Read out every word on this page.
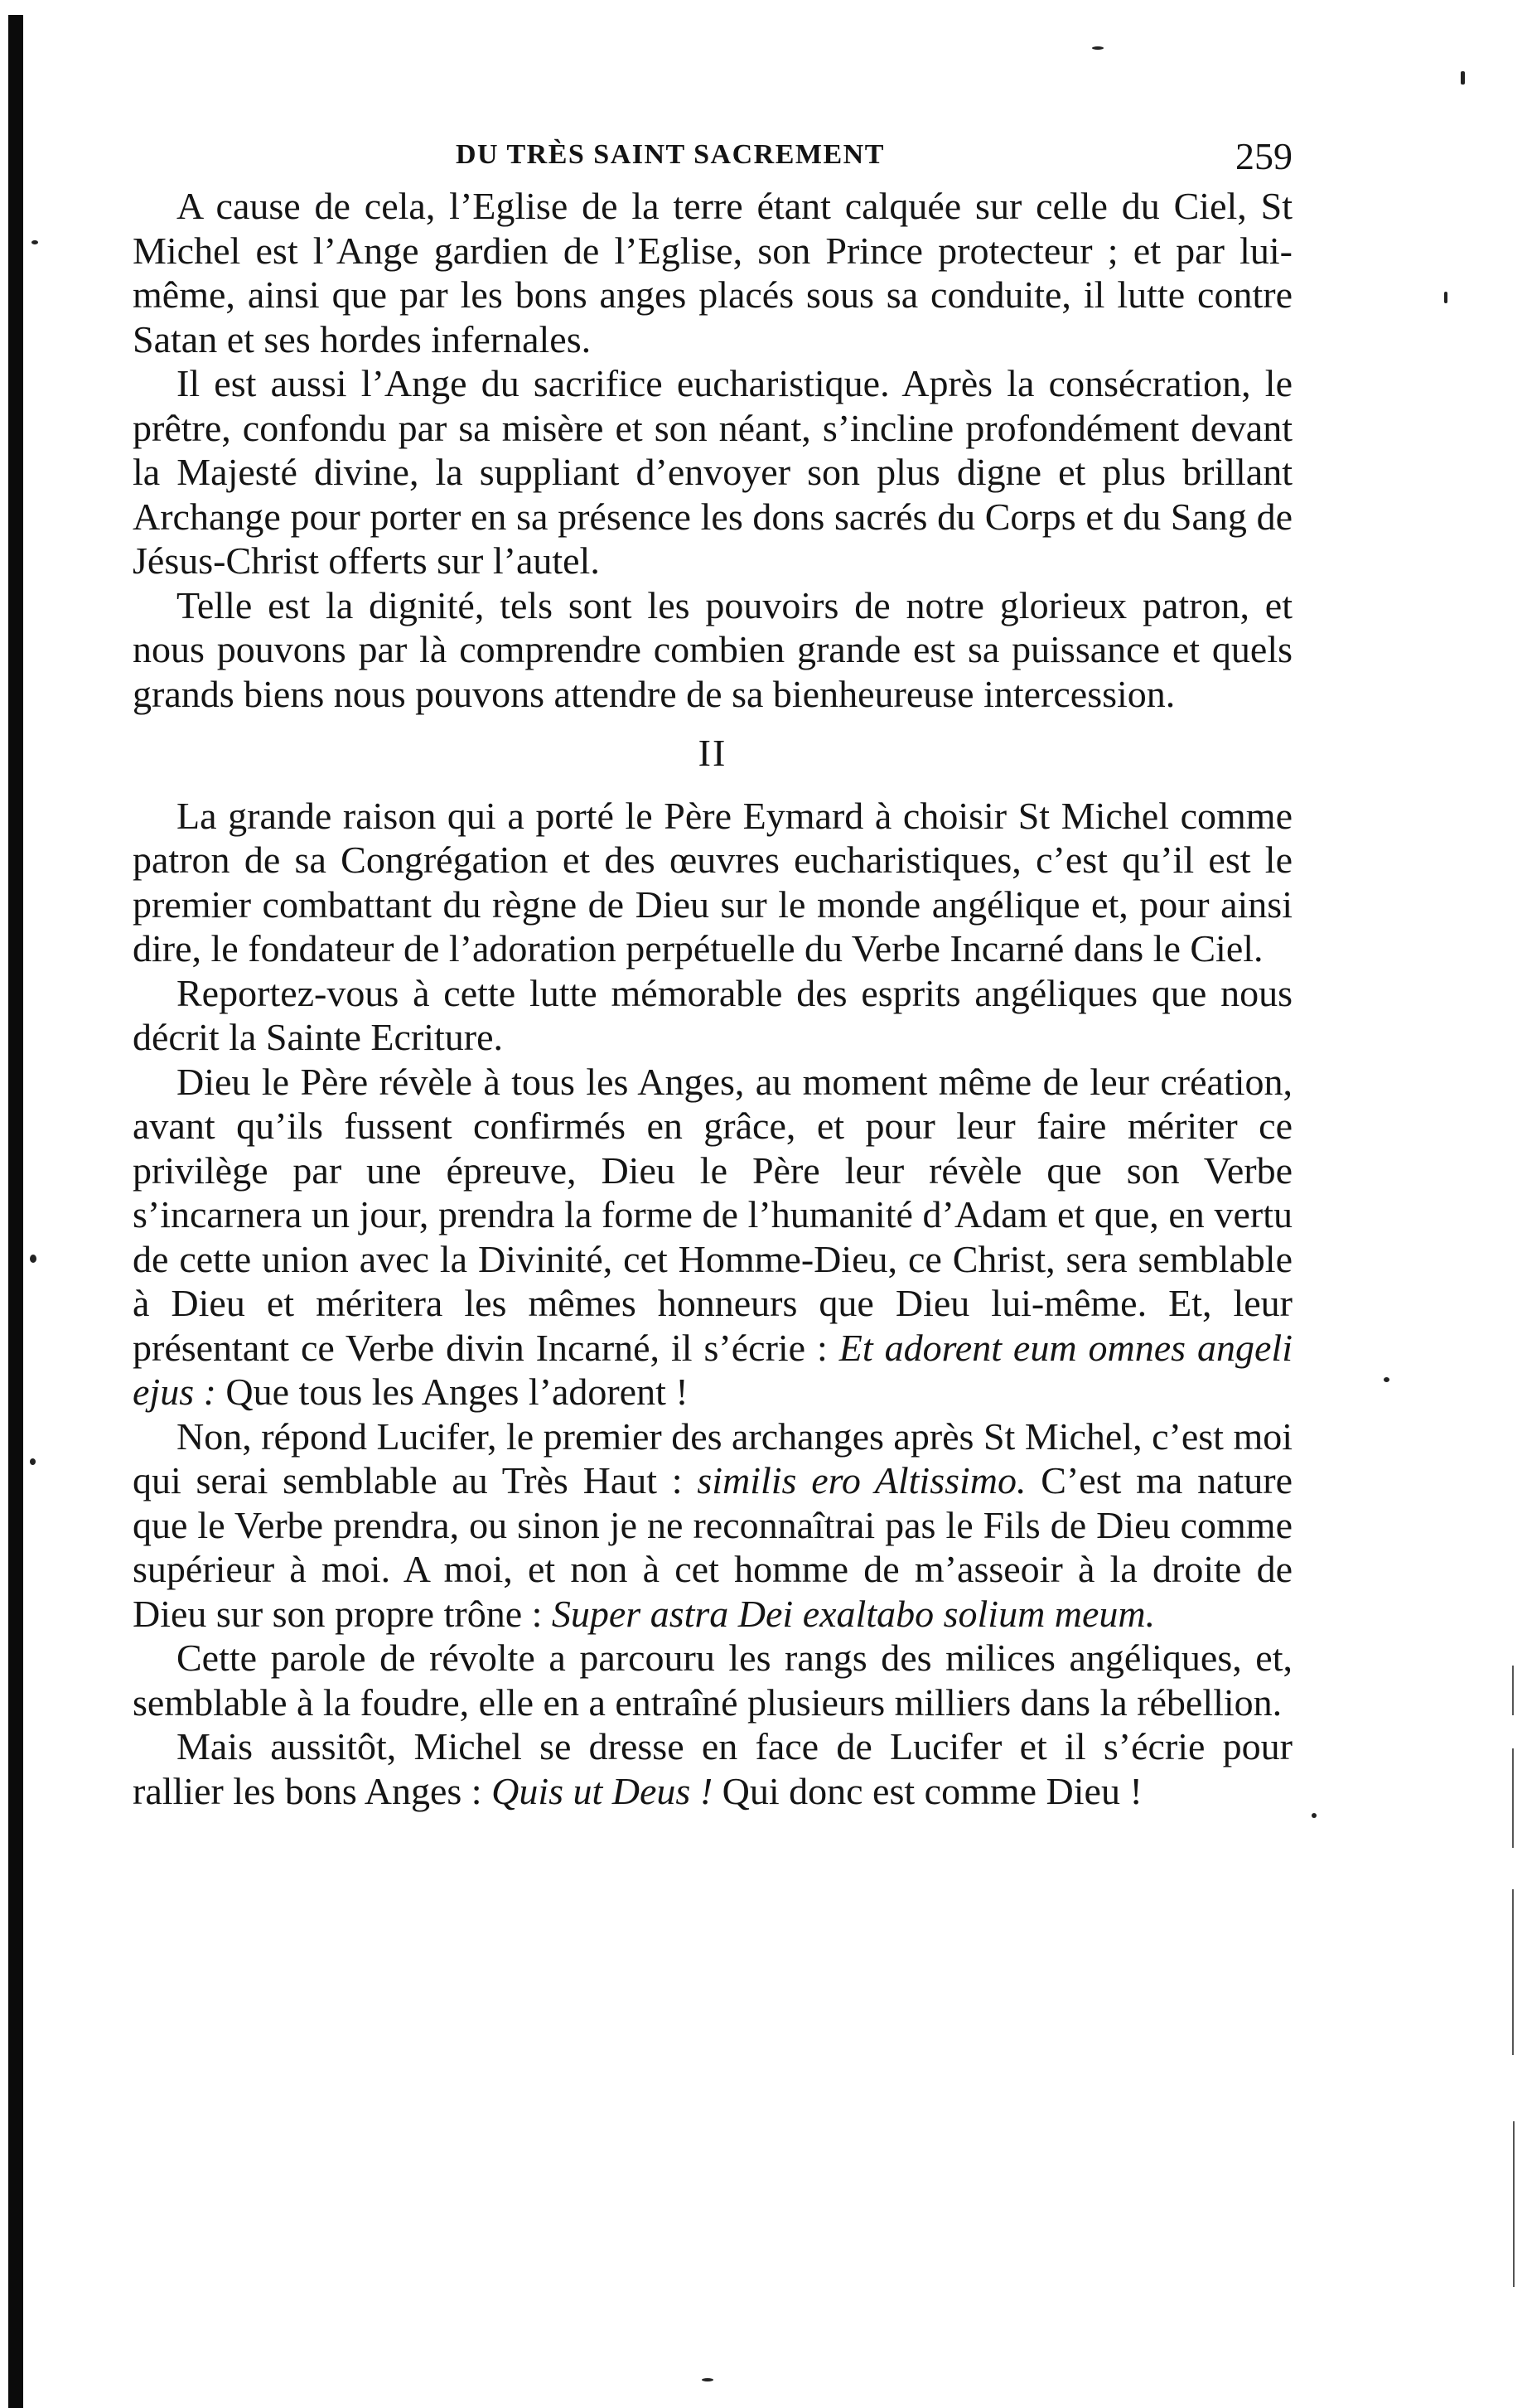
DU TRÈS SAINT SACREMENT	259

A cause de cela, l’Eglise de la terre étant calquée sur celle du Ciel, St Michel est l’Ange gardien de l’Eglise, son Prince protecteur ; et par lui-même, ainsi que par les bons anges placés sous sa conduite, il lutte contre Satan et ses hordes infernales.

Il est aussi l’Ange du sacrifice eucharistique. Après la consécration, le prêtre, confondu par sa misère et son néant, s’incline profondément devant la Majesté divine, la suppliant d’envoyer son plus digne et plus brillant Archange pour porter en sa présence les dons sacrés du Corps et du Sang de Jésus-Christ offerts sur l’autel.

Telle est la dignité, tels sont les pouvoirs de notre glorieux patron, et nous pouvons par là comprendre combien grande est sa puissance et quels grands biens nous pouvons attendre de sa bienheureuse intercession.

II

La grande raison qui a porté le Père Eymard à choisir St Michel comme patron de sa Congrégation et des œuvres eucharistiques, c’est qu’il est le premier combattant du règne de Dieu sur le monde angélique et, pour ainsi dire, le fondateur de l’adoration perpétuelle du Verbe Incarné dans le Ciel.

Reportez-vous à cette lutte mémorable des esprits angéliques que nous décrit la Sainte Ecriture.

Dieu le Père révèle à tous les Anges, au moment même de leur création, avant qu’ils fussent confirmés en grâce, et pour leur faire mériter ce privilège par une épreuve, Dieu le Père leur révèle que son Verbe s’incarnera un jour, prendra la forme de l’humanité d’Adam et que, en vertu de cette union avec la Divinité, cet Homme-Dieu, ce Christ, sera semblable à Dieu et méritera les mêmes honneurs que Dieu lui-même. Et, leur présentant ce Verbe divin Incarné, il s’écrie : Et adorent eum omnes angeli ejus : Que tous les Anges l’adorent !

Non, répond Lucifer, le premier des archanges après St Michel, c’est moi qui serai semblable au Très Haut : similis ero Altissimo. C’est ma nature que le Verbe prendra, ou sinon je ne reconnaîtrai pas le Fils de Dieu comme supérieur à moi. A moi, et non à cet homme de m’asseoir à la droite de Dieu sur son propre trône : Super astra Dei exaltabo solium meum.

Cette parole de révolte a parcouru les rangs des milices angéliques, et, semblable à la foudre, elle en a entraîné plusieurs milliers dans la rébellion.

Mais aussitôt, Michel se dresse en face de Lucifer et il s’écrie pour rallier les bons Anges : Quis ut Deus ! Qui donc est comme Dieu !
